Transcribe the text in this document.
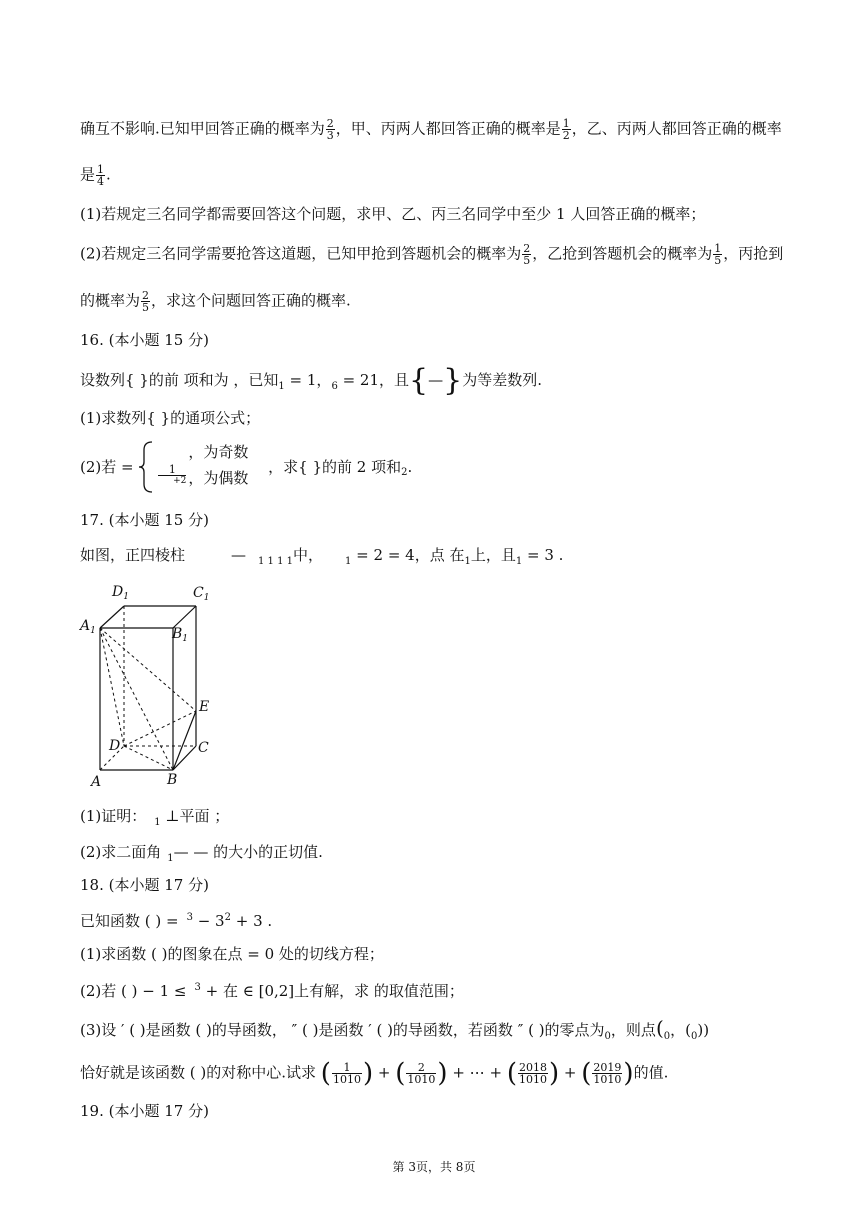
确互不影响.已知甲回答正确的概率为 $\frac{2}{3}$ ，甲、丙两人都回答正确的概率是 $\frac{1}{2}$ ，乙、丙两人都回答正确的概率
是 $\frac{1}{4}$ .
(1)若规定三名同学都需要回答这个问题，求甲、乙、丙三名同学中至少 1 人回答正确的概率；
(2)若规定三名同学需要抢答这道题，已知甲抢到答题机会的概率为 $\frac{2}{5}$ ，乙抢到答题机会的概率为 $\frac{1}{5}$ ，丙抢到
的概率为 $\frac{2}{5}$ ，求这个问题回答正确的概率.
16. (本小题 15 分)
设数列{ }的前 项和为 ，已知$_1$ = 1，$_6$ = 21，且{—}为等差数列.
(1)求数列{ }的通项公式；
(2)若 =
，为奇数
1
+2 ，为偶数
，求{ }的前 2 项和$_2$.
17. (本小题 15 分)
如图，正四棱柱	— $_{1 1 1 1}$中， $_1$ = 2 = 4，点 在$_1$上，且$_1$ = 3 .
$D_1$	$C_1$
$A_1$	$B_1$
E
D	C
A	B
(1)证明： $_1$ ⊥平面 ；
(2)求二面角 $_1$— — 的大小的正切值.
18. (本小题 17 分)
已知函数 ( ) = $^3 - 3^2 + 3$ .
(1)求函数 ( )的图象在点 = 0 处的切线方程；
(2)若 ( ) − 1 ≤ $^3$ + 在 ∈ [0,2]上有解，求 的取值范围；
(3)设 ′ ( )是函数 ( )的导函数， ″ ( )是函数 ′ ( )的导函数，若函数 ″ ( )的零点为$_0$，则点($_0$，$(_0)$)
恰好就是该函数 ( )的对称中心.试求 ( $\frac{1}{1010}$ ) + ( $\frac{2}{1010}$ ) + ⋯ + ( $\frac{2018}{1010}$ ) + ( $\frac{2019}{1010}$ )的值.
19. (本小题 17 分)
第 3页，共 8页
